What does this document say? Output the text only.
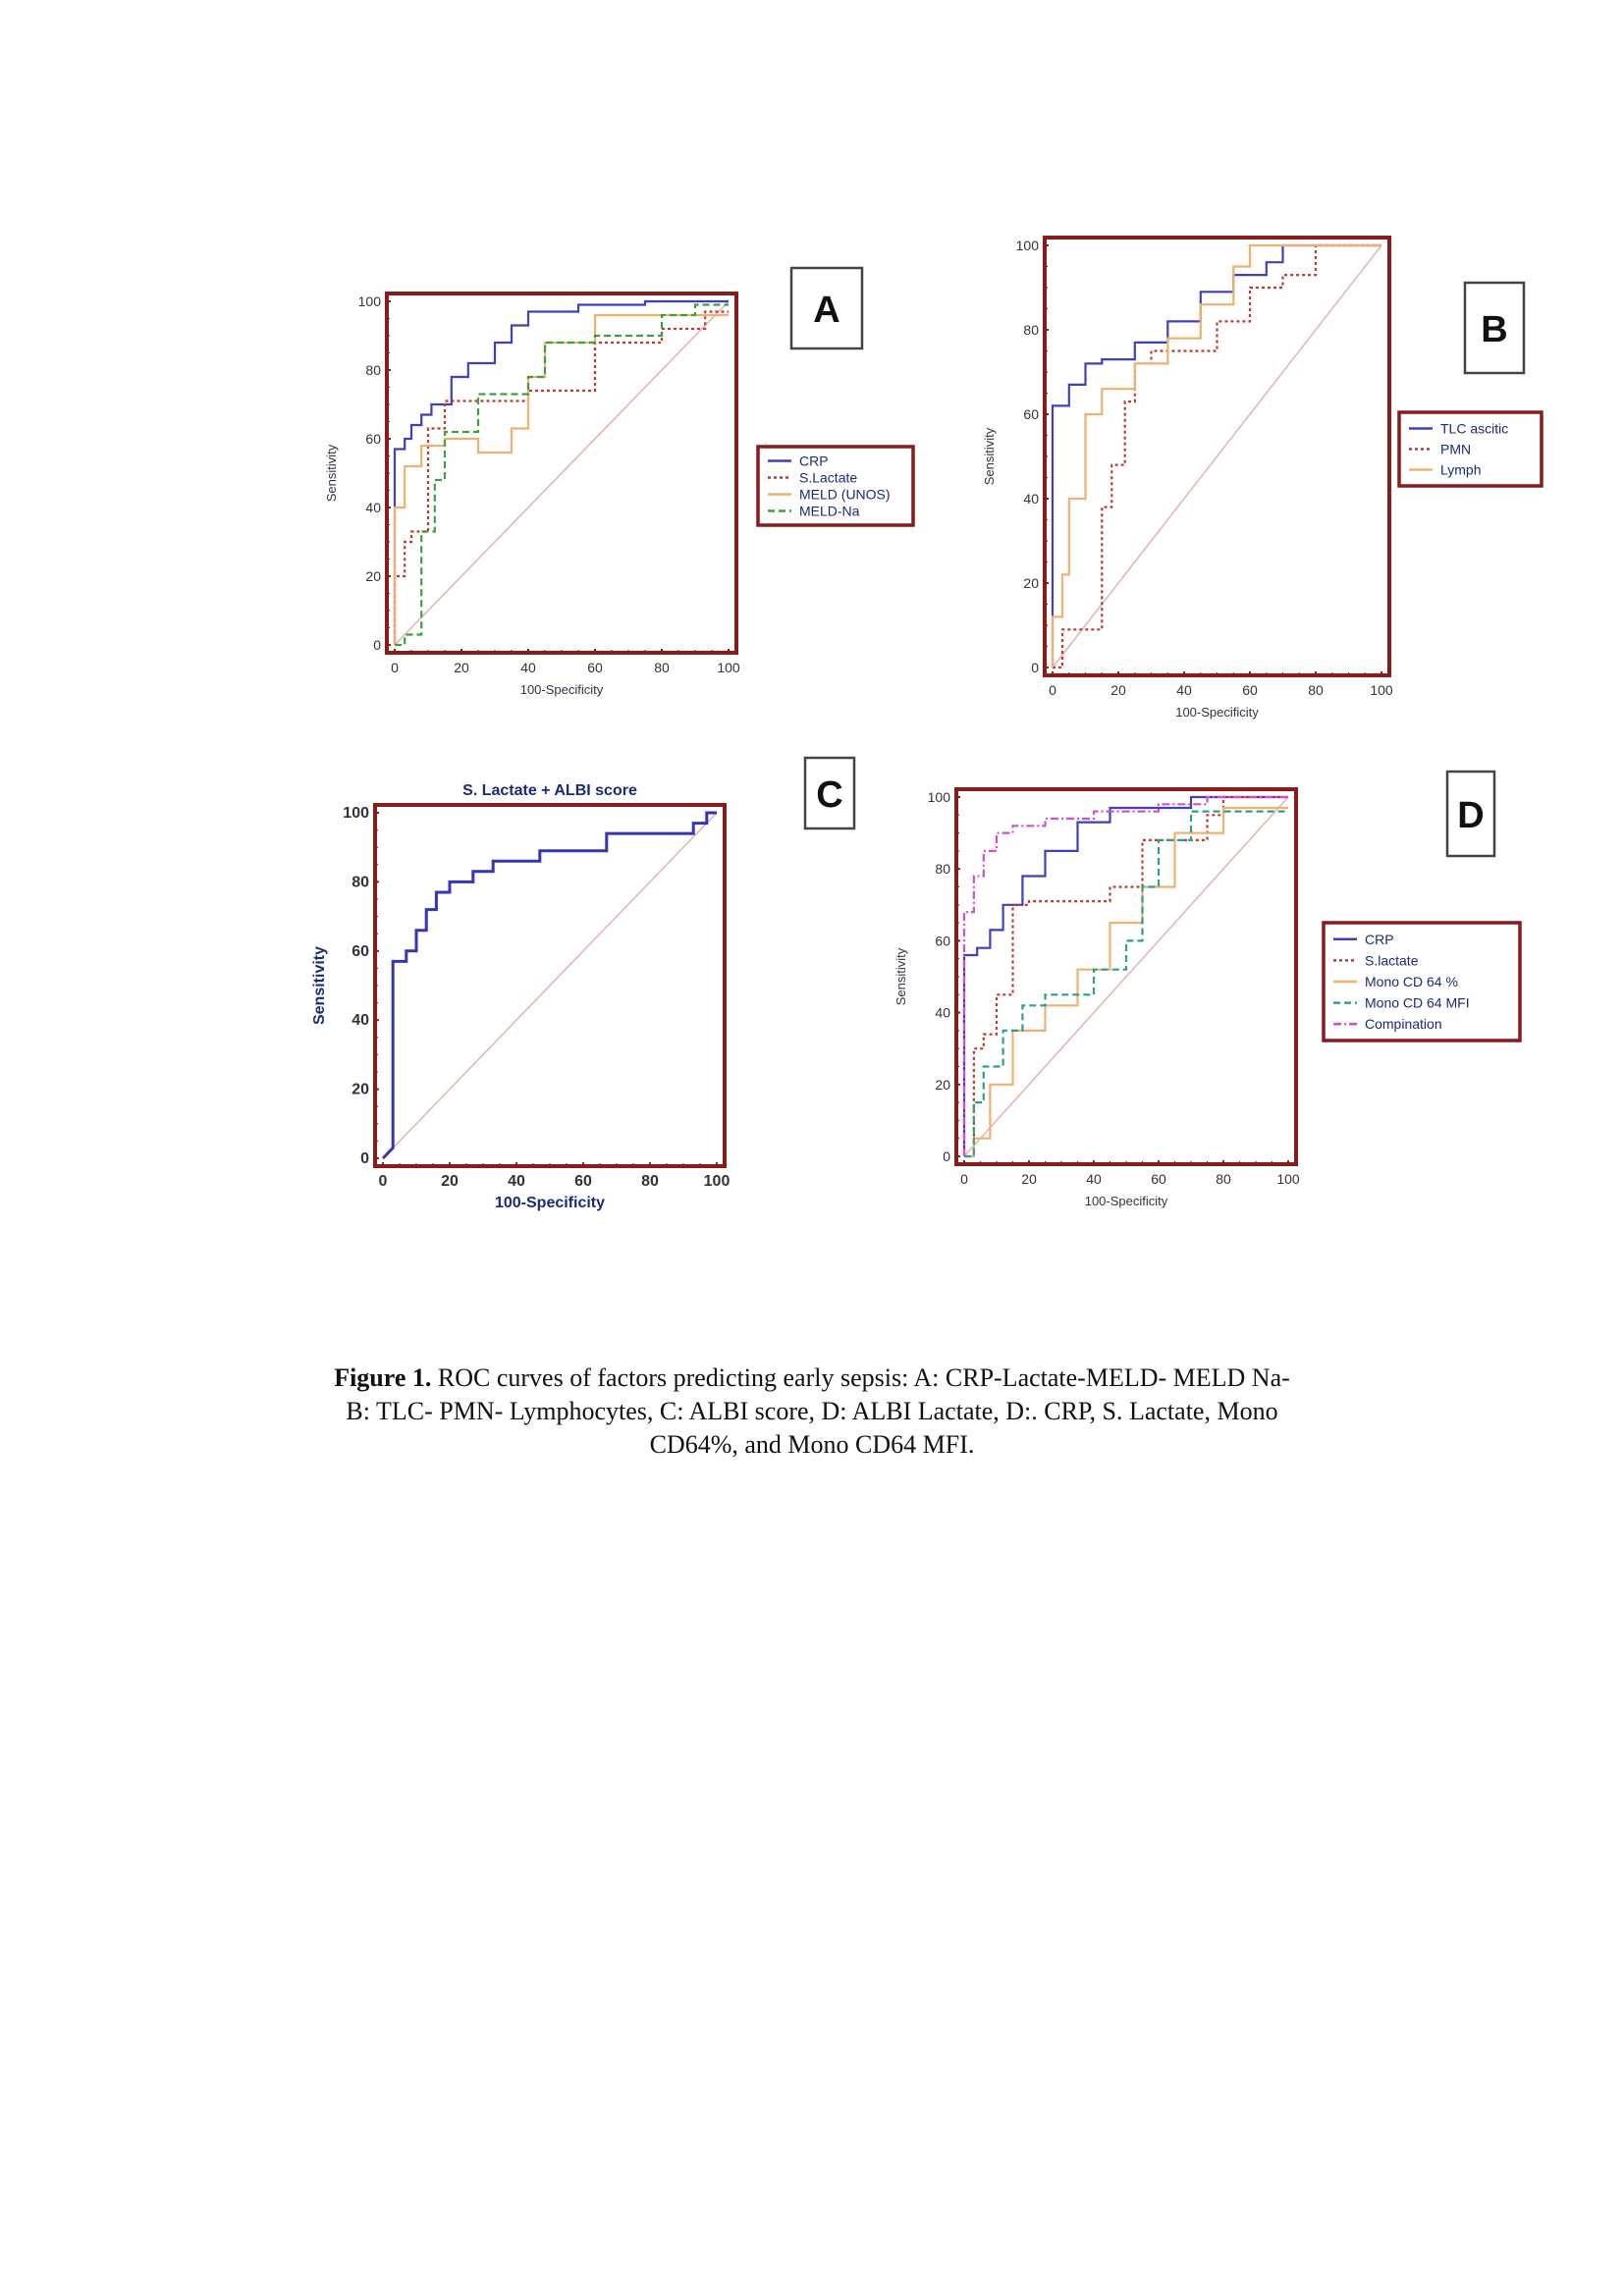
0
0
20
20
40
40
60
60
80
80
100
100
100-Specificity
Sensitivity	CRP
S.Lactate
MELD (UNOS)
MELD-Na
A
0
0
20
20
40
40
60
60
80
80
100
100
100-Specificity
Sensitivity	TLC ascitic
PMN
Lymph
B
0
0
20
20
40
40
60
60
80
80
100
100
100-Specificity
Sensitivity
S. Lactate + ALBI score	C
0
0
20
20
40
40
60
60
80
80
100
100
100-Specificity
Sensitivity
CRP
S.lactate
Mono CD 64 %
Mono CD 64 MFI
Compination
D
Figure 1. ROC curves of factors predicting early sepsis: A: CRP-Lactate-MELD- MELD Na-
B: TLC- PMN- Lymphocytes, C: ALBI score, D: ALBI Lactate, D:. CRP, S. Lactate, Mono
CD64%, and Mono CD64 MFI.
